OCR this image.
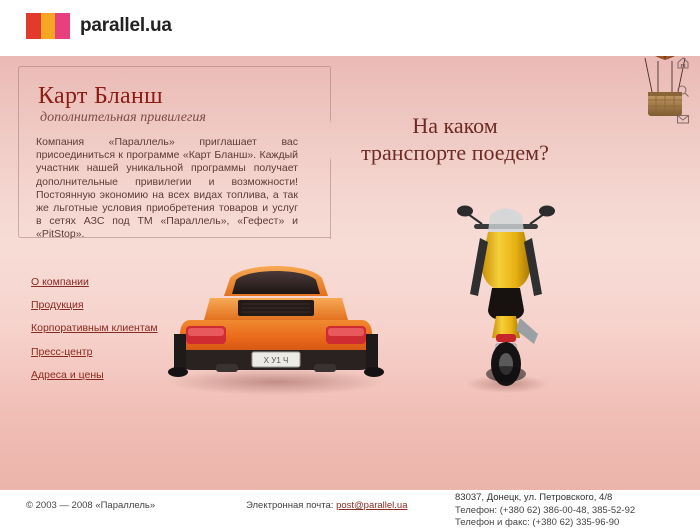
parallel.ua
Карт Бланш
дополнительная привилегия
Компания «Параллель» приглашает вас присоединиться к программе «Карт Бланш». Каждый участник нашей уникальной программы получает дополнительные привилегии и возможности! Постоянную экономию на всех видах топлива, а так же льготные условия приобретения товаров и услуг в сетях АЗС под ТМ «Параллель», «Гефест» и «PitStop».
На каком транспорте поедем?
О компании
Продукция
Корпоративным клиентам
Пресс-центр
Адреса и цены
X У1 Ч
© 2003 — 2008 «Параллель»	Электронная почта: post@parallel.ua
83037, Донецк, ул. Петровского, 4/8
Телефон: (+380 62) 386-00-48, 385-52-92
Телефон и факс: (+380 62) 335-96-90
